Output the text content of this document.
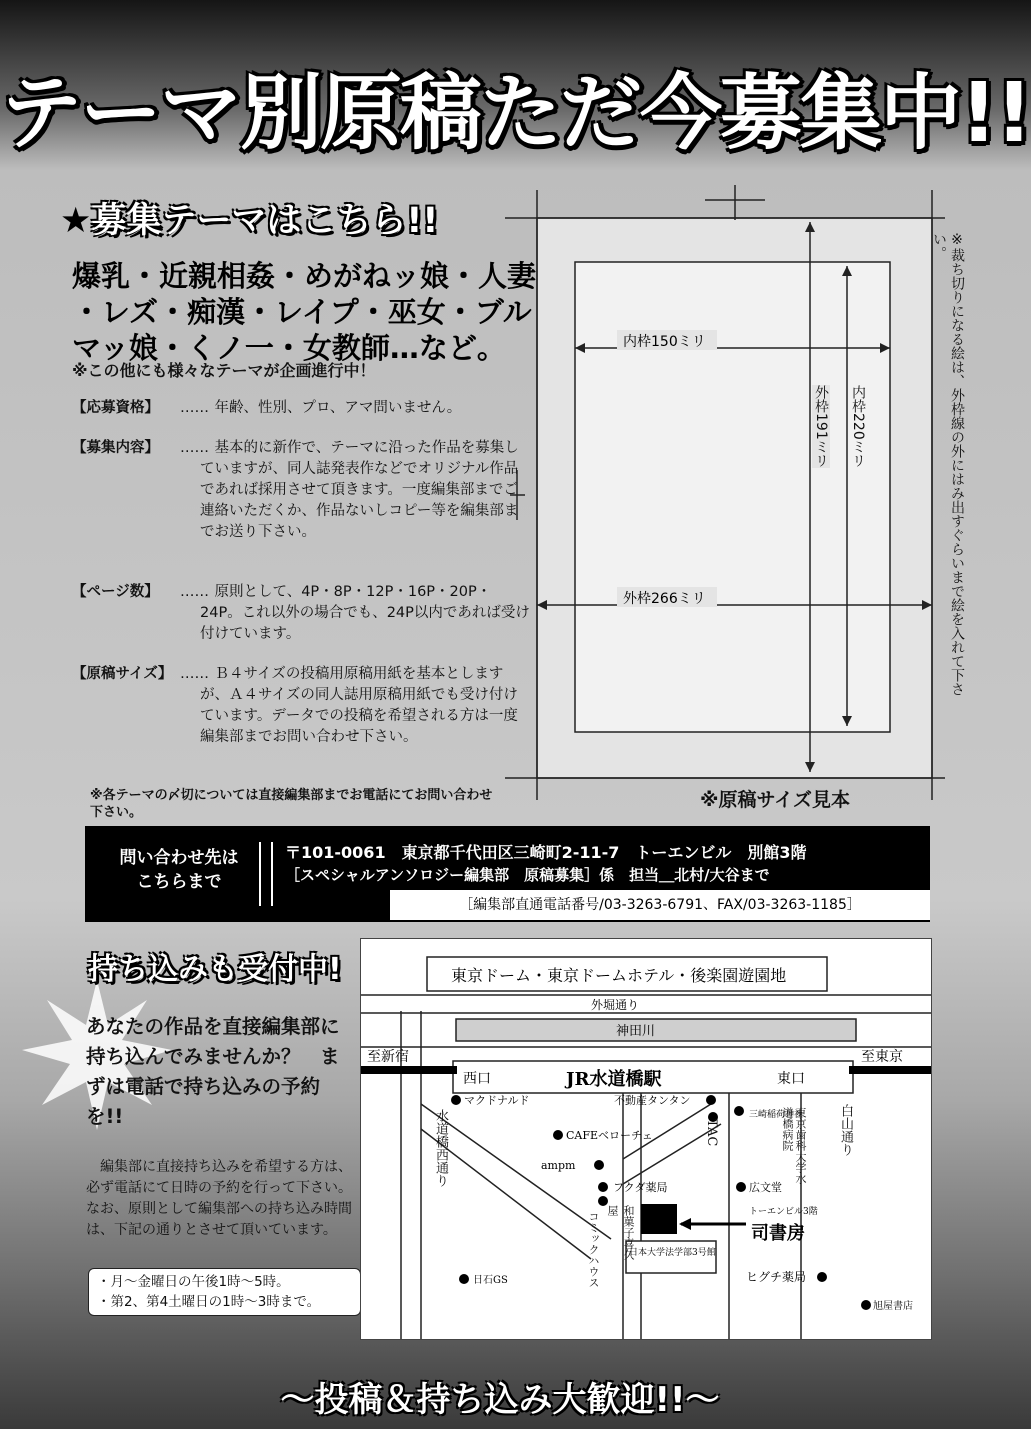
テーマ別原稿ただ今募集中!!
★募集テーマはこちら!!
爆乳・近親相姦・めがねッ娘・人妻
・レズ・痴漢・レイプ・巫女・ブル
マッ娘・くノ一・女教師…など。
※この他にも様々なテーマが企画進行中！
【応募資格】 …… 年齢、性別、プロ、アマ問いません。
【募集内容】 …… 基本的に新作で、テーマに沿った作品を募集していますが、同人誌発表作などでオリジナル作品であれば採用させて頂きます。一度編集部までご連絡いただくか、作品ないしコピー等を編集部までお送り下さい。
【ページ数】 …… 原則として、4P・8P・12P・16P・20P・24P。これ以外の場合でも、24P以内であれば受け付けています。
【原稿サイズ】 …… Ｂ４サイズの投稿用原稿用紙を基本としますが、Ａ４サイズの同人誌用原稿用紙でも受け付けています。データでの投稿を希望される方は一度編集部までお問い合わせ下さい。
※各テーマの〆切については直接編集部までお電話にてお問い合わせ下さい。
内枠150ミリ
外枠266ミリ
外枠191ミリ 内枠220ミリ	※裁ち切りになる絵は、外枠線の外にはみ出すぐらいまで絵を入れて下さい。
※原稿サイズ見本
問い合わせ先は
こちらまで
〒101-0061　東京都千代田区三崎町2-11-7　トーエンビル　別館3階
［スペシャルアンソロジー編集部　原稿募集］係　担当＿北村/大谷まで
［編集部直通電話番号/03-3263-6791、FAX/03-3263-1185］
持ち込みも受付中!
あなたの作品を直接編集部に持ち込んでみませんか？　まずは電話で持ち込みの予約を!!
編集部に直接持ち込みを希望する方は、必ず電話にて日時の予約を行って下さい。なお、原則として編集部への持ち込み時間は、下記の通りとさせて頂いています。
・月～金曜日の午後1時～5時。
・第2、第4土曜日の1時～3時まで。
東京ドーム・東京ドームホテル・後楽園遊園地
外堀通り
神田川
至新宿	至東京
西口	JR水道橋駅	東口
マクドナルド	不動産タンタン
三崎稲荷神社
CAFEベローチェ
ampm
フクダ薬局	広文堂
トーエンビル3階
司書房
日本大学法学部3号館
ヒグチ薬局
日石GS
旭屋書店
水道橋西通り	白山通り
TAC	東京歯科大学水道橋病院
和菓子喜久屋
コミックハウス
～投稿＆持ち込み大歓迎!!～
